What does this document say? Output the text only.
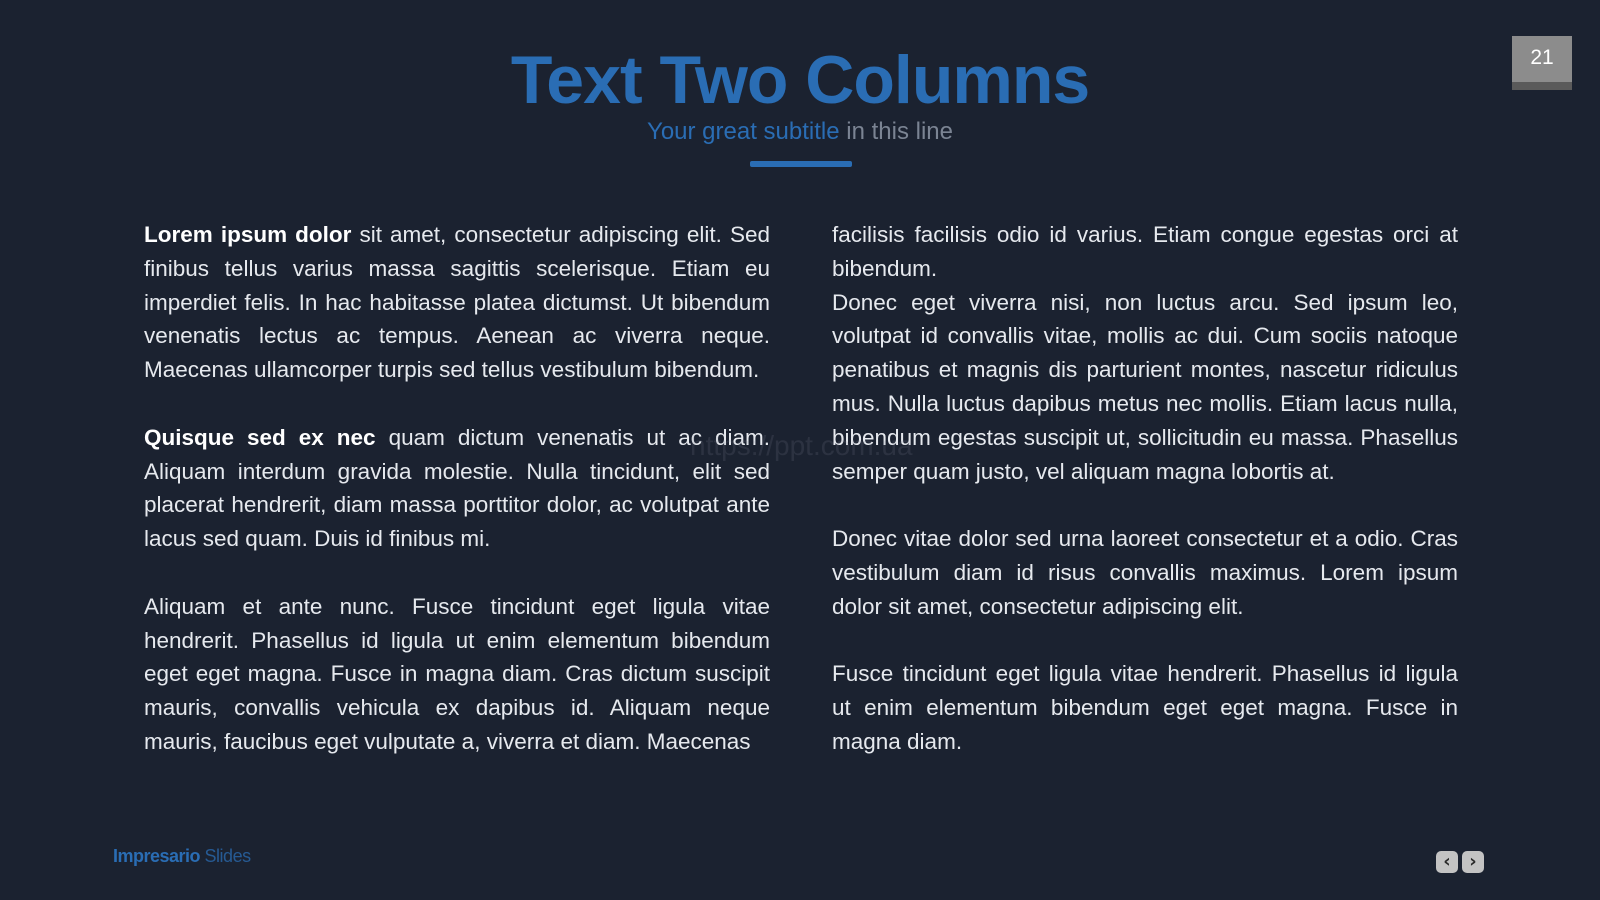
21
Text Two Columns

Your great subtitle in this line

Lorem ipsum dolor sit amet, consectetur adipiscing elit. Sed finibus tellus varius massa sagittis scelerisque. Etiam eu imperdiet felis. In hac habitasse platea dictumst. Ut bibendum venenatis lectus ac tempus. Aenean ac viverra neque. Maecenas ullamcorper turpis sed tellus vestibulum bibendum.

Quisque sed ex nec quam dictum venenatis ut ac diam. Aliquam interdum gravida molestie. Nulla tincidunt, elit sed placerat hendrerit, diam massa porttitor dolor, ac volutpat ante lacus sed quam. Duis id finibus mi.

Aliquam et ante nunc. Fusce tincidunt eget ligula vitae hendrerit. Phasellus id ligula ut enim elementum bibendum eget eget magna. Fusce in magna diam. Cras dictum suscipit mauris, convallis vehicula ex dapibus id. Aliquam neque mauris, faucibus eget vulputate a, viverra et diam. Maecenas

facilisis facilisis odio id varius. Etiam congue egestas orci at bibendum.

Donec eget viverra nisi, non luctus arcu. Sed ipsum leo, volutpat id convallis vitae, mollis ac dui. Cum sociis natoque penatibus et magnis dis parturient montes, nascetur ridiculus mus. Nulla luctus dapibus metus nec mollis. Etiam lacus nulla, bibendum egestas suscipit ut, sollicitudin eu massa. Phasellus semper quam justo, vel aliquam magna lobortis at.

Donec vitae dolor sed urna laoreet consectetur et a odio. Cras vestibulum diam id risus convallis maximus. Lorem ipsum dolor sit amet, consectetur adipiscing elit.

Fusce tincidunt eget ligula vitae hendrerit. Phasellus id ligula ut enim elementum bibendum eget eget magna. Fusce in magna diam.

https://ppt.com.ua
Impresario Slides	‹	›
